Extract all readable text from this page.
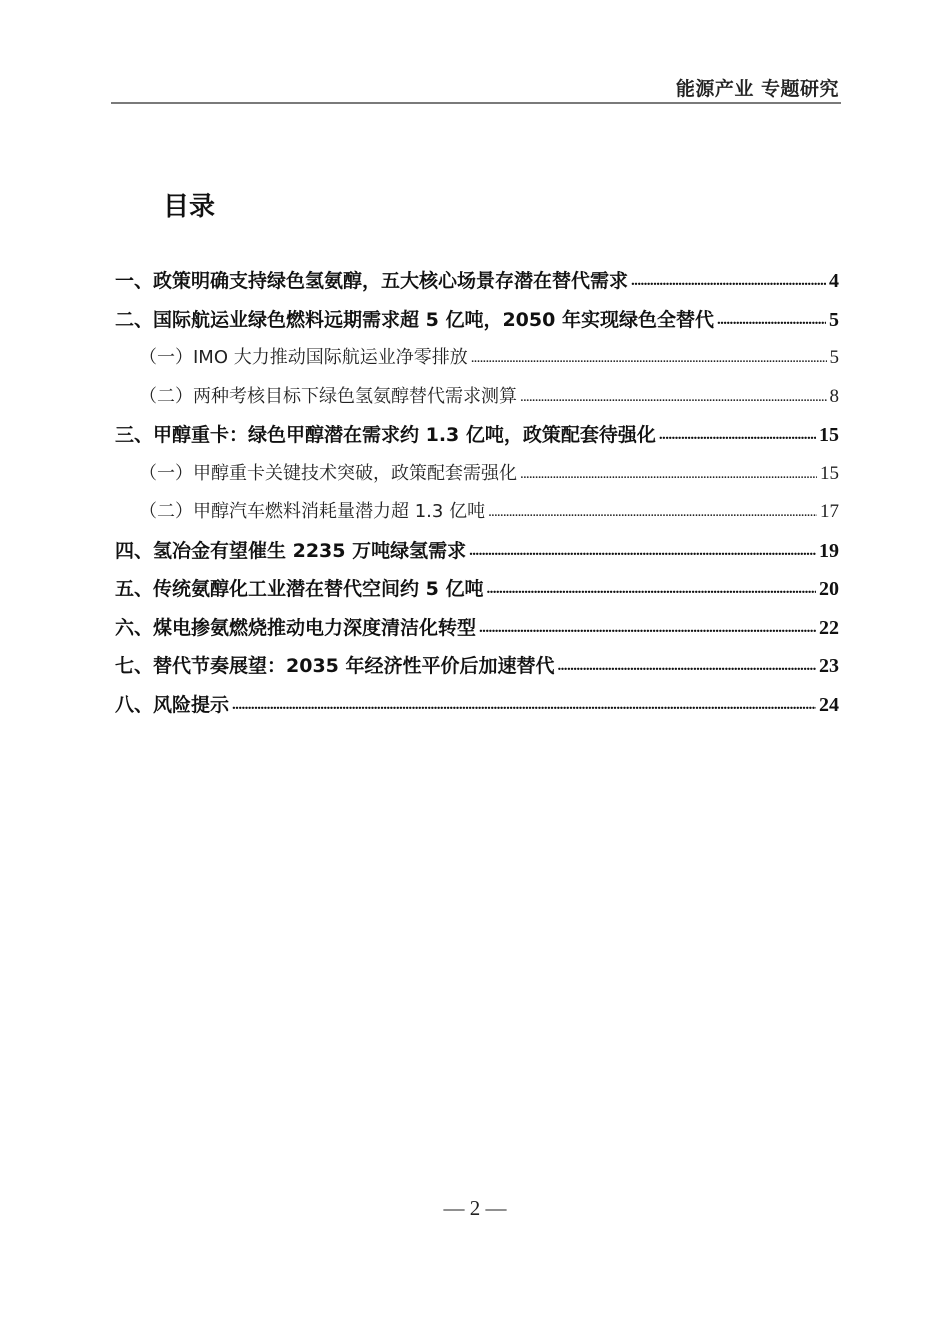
能源产业 专题研究
目录
一、政策明确支持绿色氢氨醇，五大核心场景存潜在替代需求 .....	4
二、国际航运业绿色燃料远期需求超 5 亿吨，2050 年实现绿色全替代 .....	5
（一）IMO 大力推动国际航运业净零排放 .....	5
（二）两种考核目标下绿色氢氨醇替代需求测算 .....	8
三、甲醇重卡：绿色甲醇潜在需求约 1.3 亿吨，政策配套待强化 .....	15
（一）甲醇重卡关键技术突破，政策配套需强化 .....	15
（二）甲醇汽车燃料消耗量潜力超 1.3 亿吨 .....	17
四、氢冶金有望催生 2235 万吨绿氢需求 .....	19
五、传统氨醇化工业潜在替代空间约 5 亿吨 .....	20
六、煤电掺氨燃烧推动电力深度清洁化转型 .....	22
七、替代节奏展望：2035 年经济性平价后加速替代 .....	23
八、风险提示 .....	24
— 2 —
